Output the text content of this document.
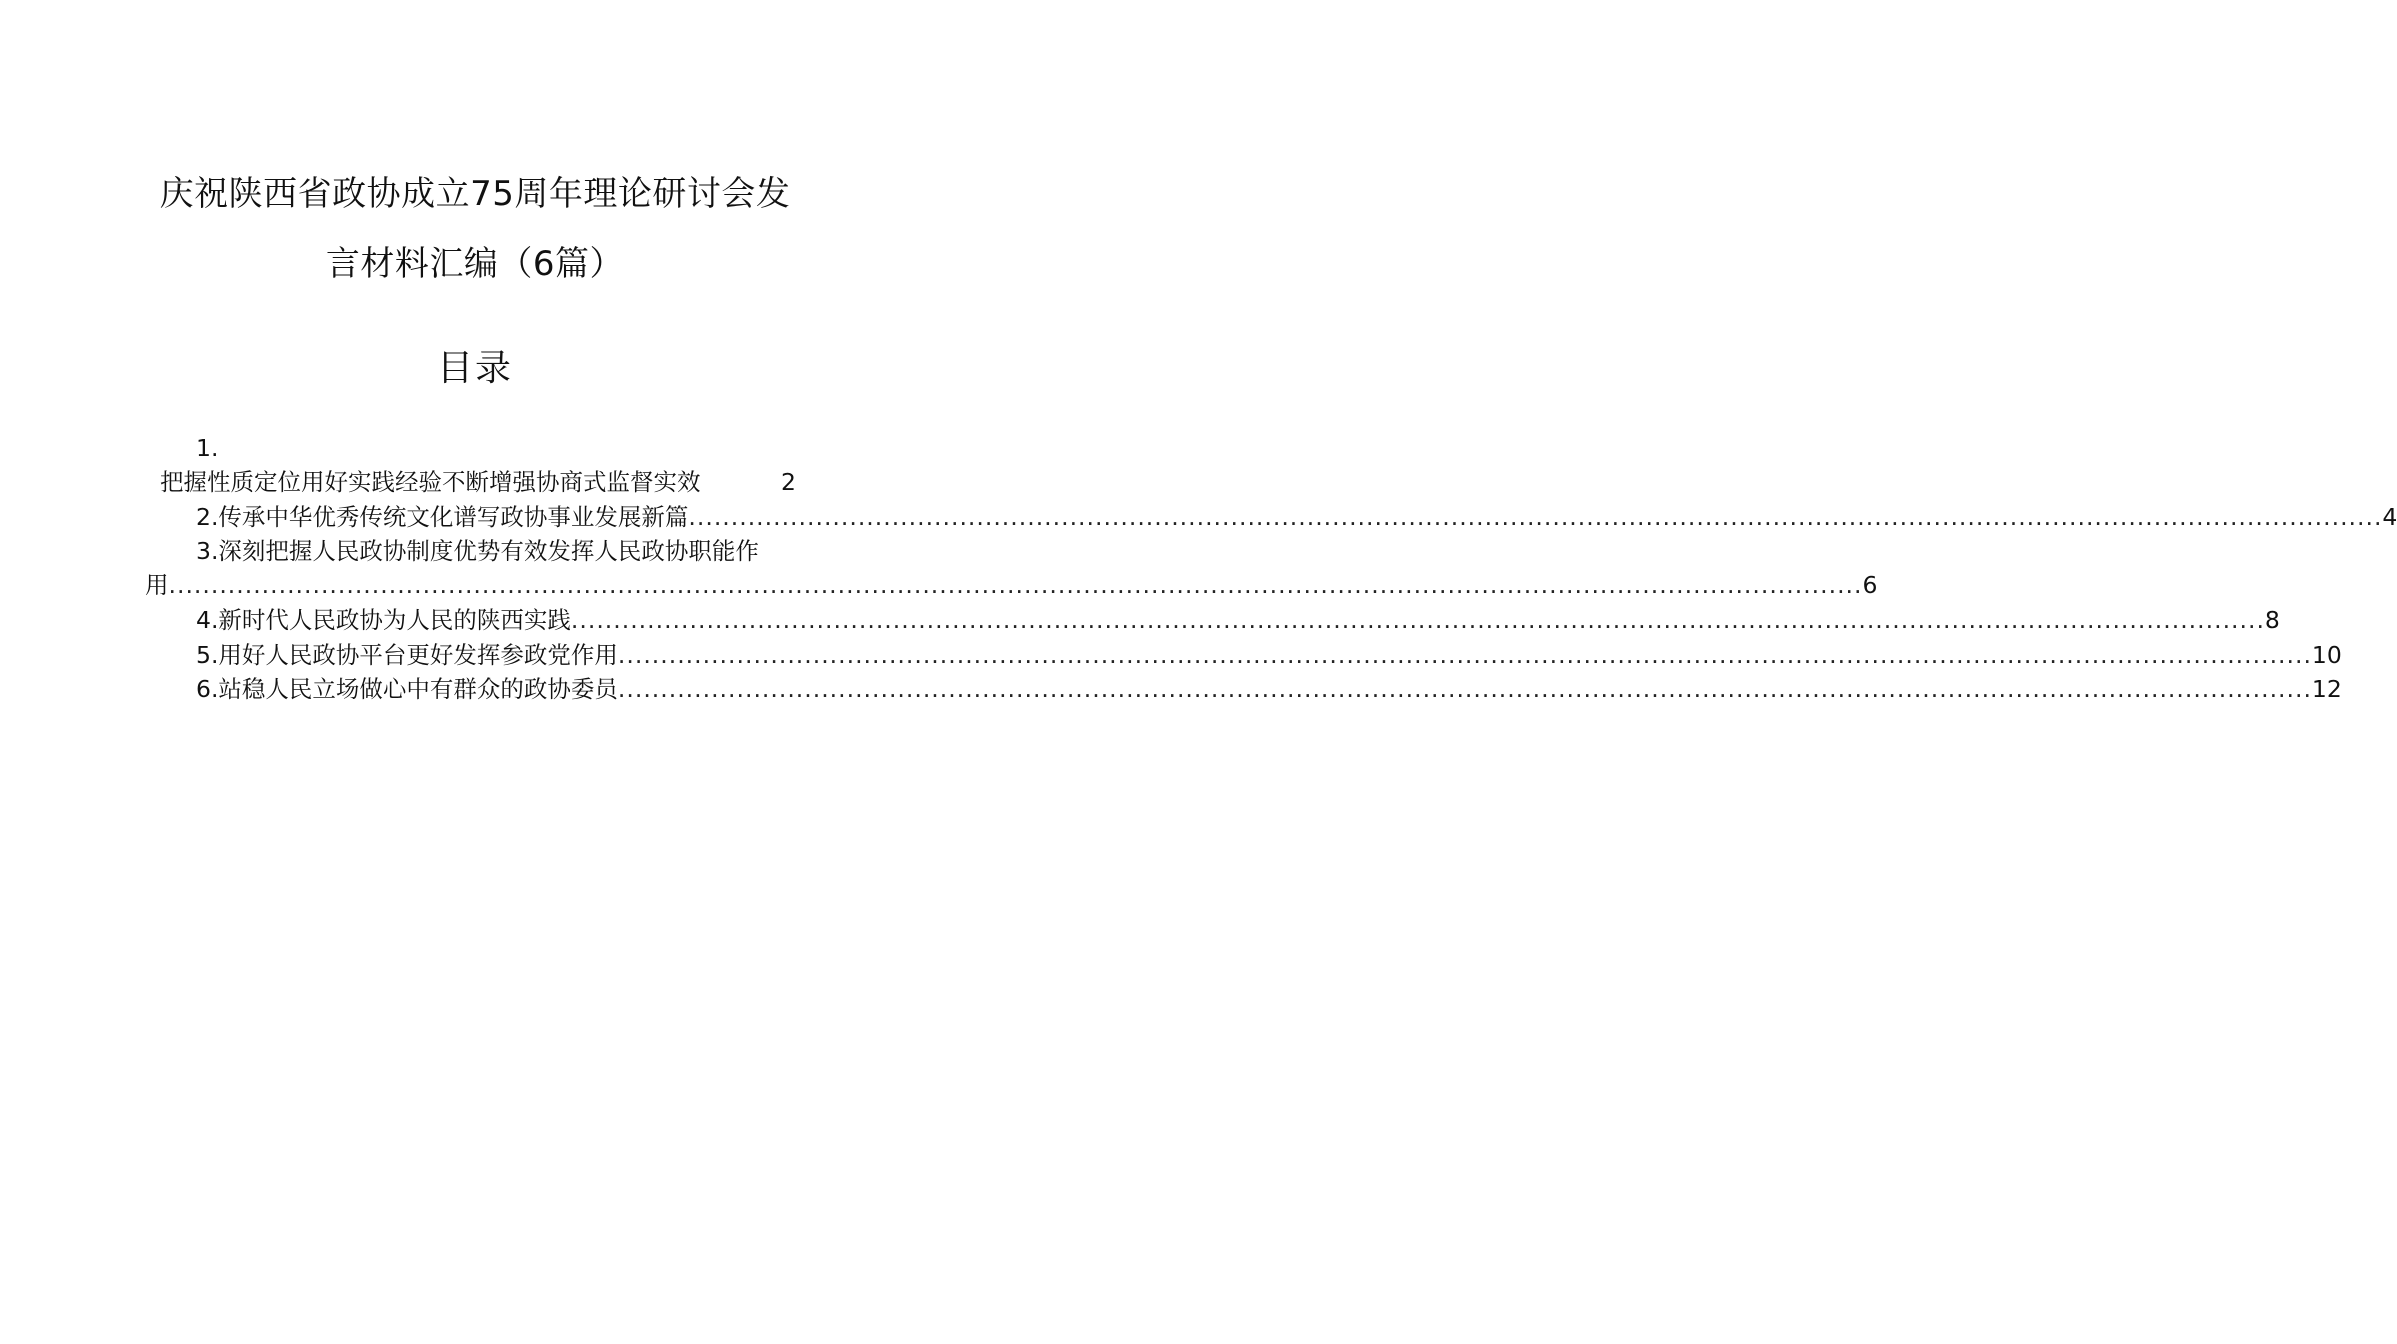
庆祝陕西省政协成立75周年理论研讨会发
言材料汇编（6篇）
目录
1.
把握性质定位用好实践经验不断增强协商式监督实效	2
2. 传承中华优秀传统文化谱写政协事业发展新篇 ........................................................................................................................................................................................................ 4
3. 深刻把握人民政协制度优势有效发挥人民政协职能作
用 ........................................................................................................................................................................................................ 6
4. 新时代人民政协为人民的陕西实践 ........................................................................................................................................................................................................ 8
5. 用好人民政协平台更好发挥参政党作用 ........................................................................................................................................................................................................ 10
6. 站稳人民立场做心中有群众的政协委员 ........................................................................................................................................................................................................ 12
